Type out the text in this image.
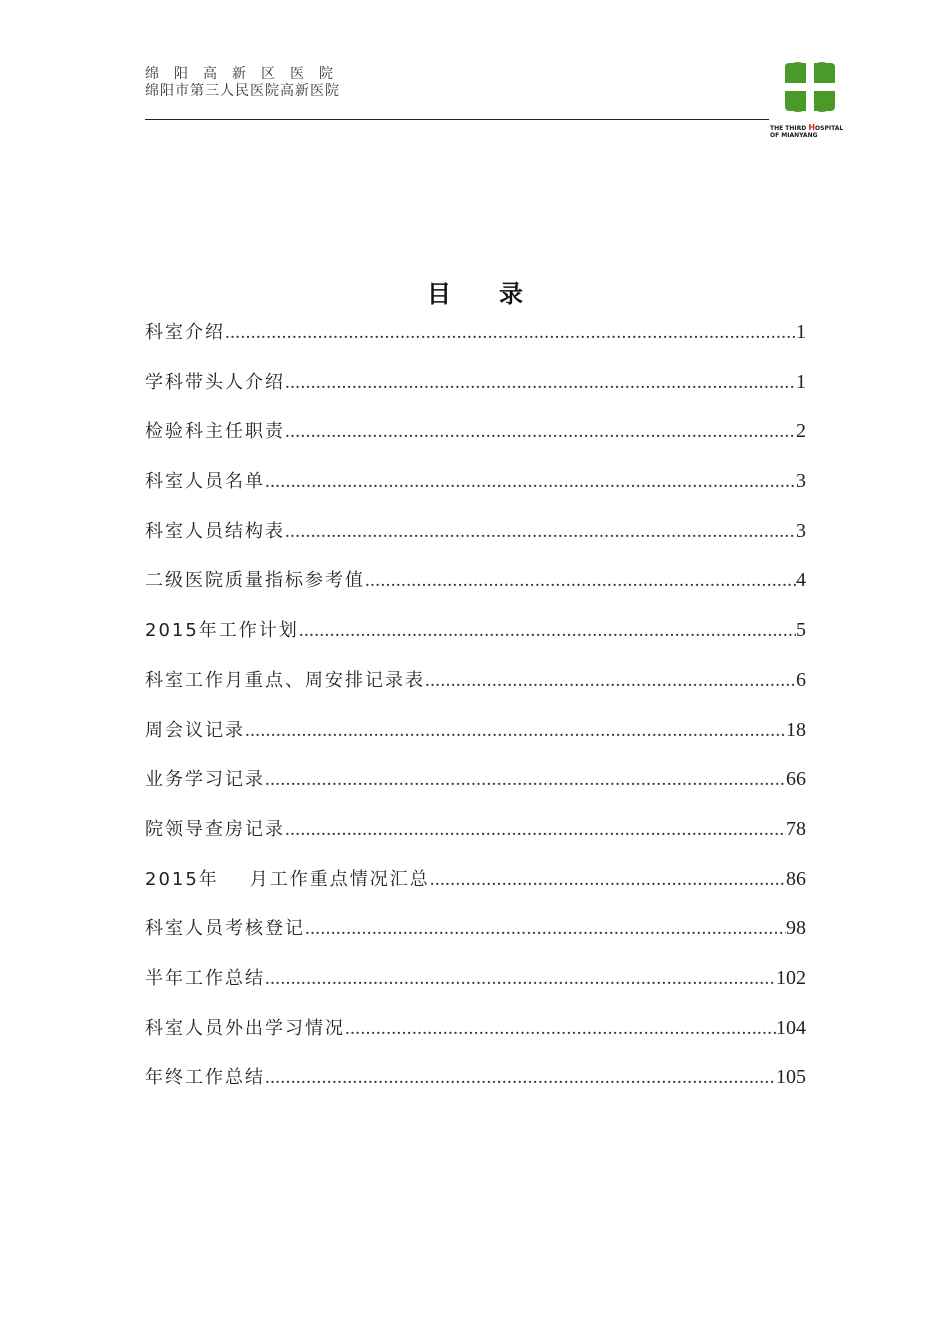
绵阳高新区医院
绵阳市第三人民医院高新医院
THE THIRD HOSPITAL
OF MIANYANG
目录
科室介绍 .....	1
学科带头人介绍 .....	1
检验科主任职责 .....	2
科室人员名单 .....	3
科室人员结构表 .....	3
二级医院质量指标参考值 .....	4
2015年工作计划 .....	5
科室工作月重点、周安排记录表 .....	6
周会议记录 .....	18
业务学习记录 .....	66
院领导查房记录 .....	78
2015年    月工作重点情况汇总 .....	86
科室人员考核登记 .....	98
半年工作总结 .....	102
科室人员外出学习情况 .....	104
年终工作总结 .....	105
